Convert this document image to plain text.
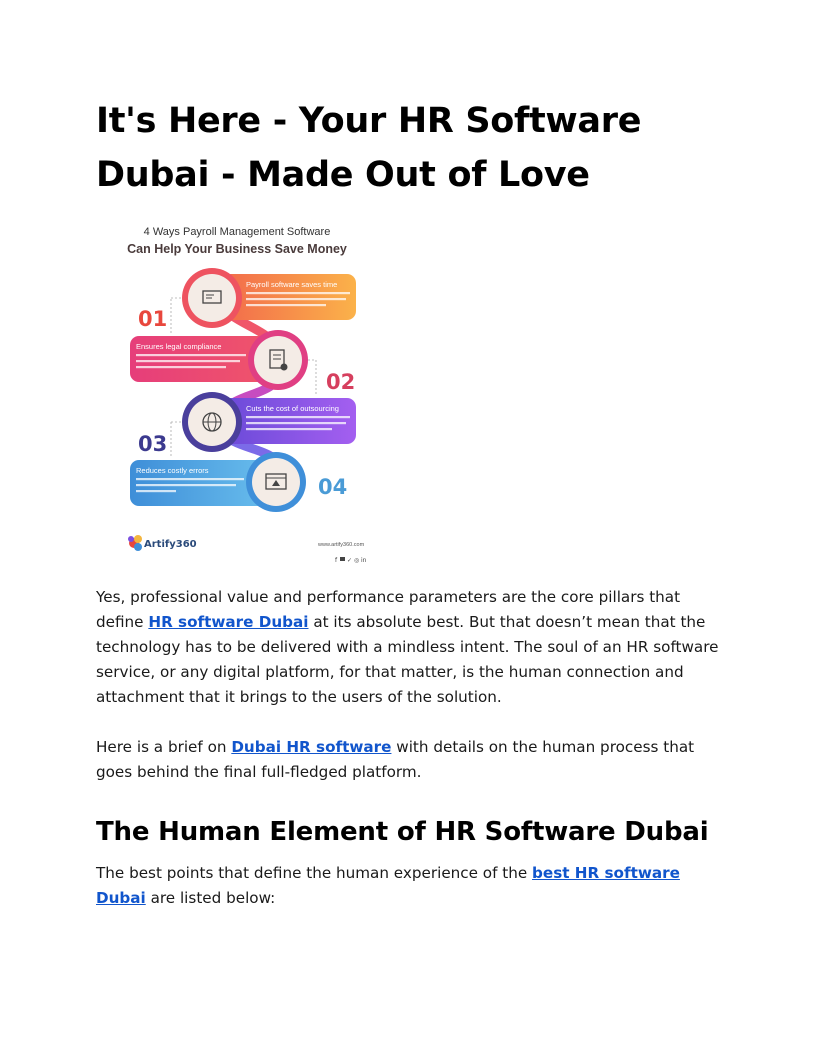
It's Here - Your HR Software Dubai - Made Out of Love
4 Ways Payroll Management Software
Can Help Your Business Save Money
Payroll software saves time
01
Ensures legal compliance
02
Cuts the cost of outsourcing
03
Reduces costly errors
04
Artify360	www.artify360.com
f ✓ ◎ in

Yes, professional value and performance parameters are the core pillars that define HR software Dubai at its absolute best. But that doesn’t mean that the technology has to be delivered with a mindless intent. The soul of an HR software service, or any digital platform, for that matter, is the human connection and attachment that it brings to the users of the solution.

Here is a brief on Dubai HR software with details on the human process that goes behind the final full-fledged platform.

The Human Element of HR Software Dubai

The best points that define the human experience of the best HR software Dubai are listed below:
